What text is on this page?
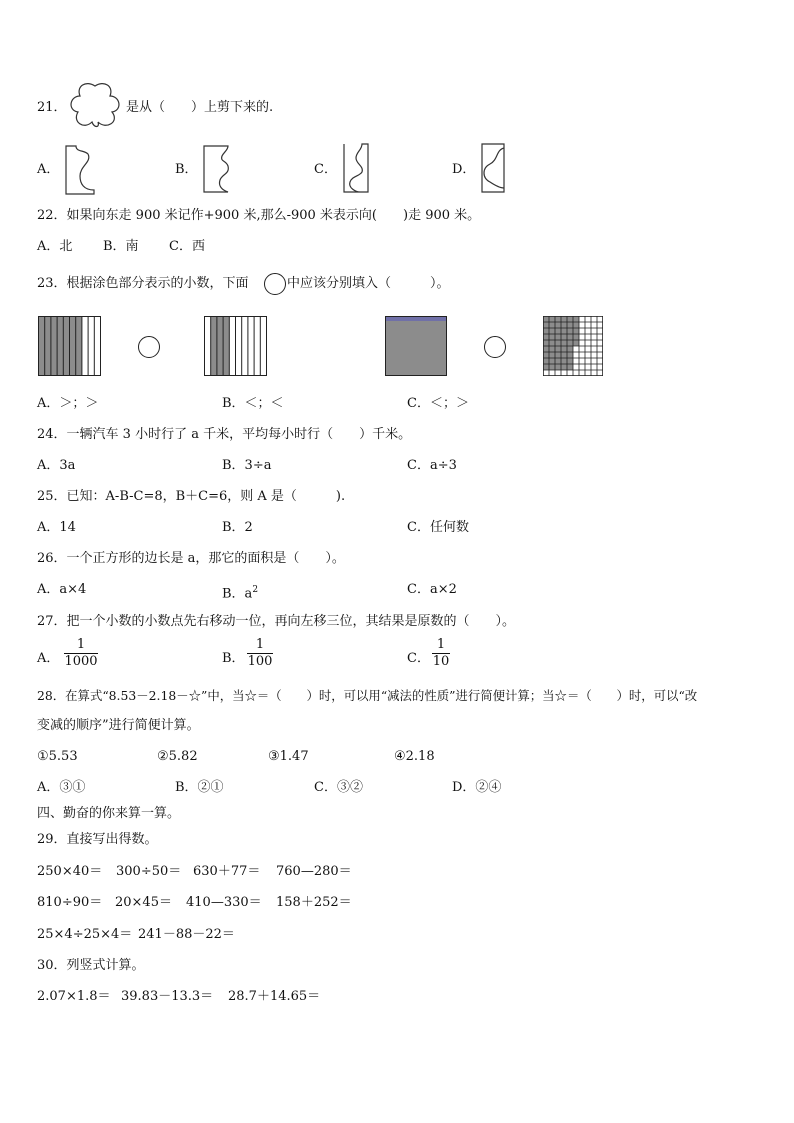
21．	是从（　　）上剪下来的.
A．	B．	C．	D．
22．如果向东走 900 米记作+900 米,那么-900 米表示向(　　)走 900 米。
A．北 B．南 C．西
23．根据涂色部分表示的小数，下面	中应该分别填入（　　　）。
A．＞；＞	B．＜；＜	C．＜；＞
24．一辆汽车 3 小时行了 a 千米，平均每小时行（　　）千米。
A．3a	B．3÷a	C．a÷3
25．已知：A-B-C=8，B＋C=6，则 A 是（　　　).
A．14	B．2	C．任何数
26．一个正方形的边长是 a，那它的面积是（　　）。
A．a×4	B．$a^2$	C．a×2
27．把一个小数的小数点先右移动一位，再向左移三位，其结果是原数的（　　）。
A．
1
1000	B．
1
100	C．
1
10
28．在算式“8.53－2.18－☆”中，当☆＝（　　）时，可以用“减法的性质”进行简便计算；当☆＝（　　）时，可以“改
变减的顺序”进行简便计算。
①5.53	②5.82	③1.47	④2.18
A．③①	B．②①	C．③②	D．②④
四、勤奋的你来算一算。
29．直接写出得数。
250×40＝ 300÷50＝ 630＋77＝ 760—280＝
810÷90＝ 20×45＝ 410—330＝ 158＋252＝
25×4÷25×4＝ 241－88－22＝
30．列竖式计算。
2.07×1.8＝ 39.83－13.3＝ 28.7＋14.65＝
